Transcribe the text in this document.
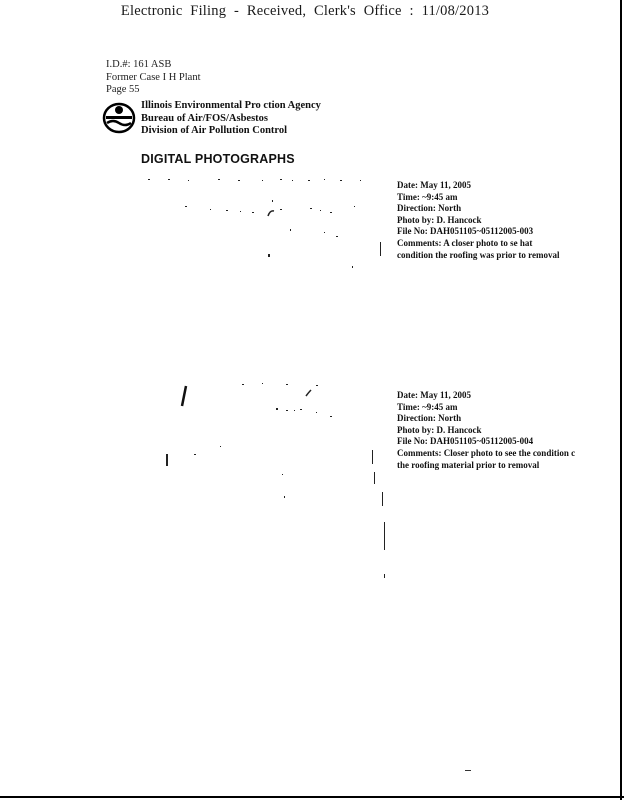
Electronic Filing - Received, Clerk's Office : 11/08/2013
I.D.#: 161 ASB
Former Case I H Plant
Page 55
Illinois Environmental Pro ction Agency
Bureau of Air/FOS/Asbestos
Division of Air Pollution Control
DIGITAL PHOTOGRAPHS
Date: May 11, 2005
Time: ~9:45 am
Direction: North
Photo by: D. Hancock
File No: DAH051105~05112005-003
Comments: A closer photo to se hat
condition the roofing was prior to removal
Date: May 11, 2005
Time: ~9:45 am
Direction: North
Photo by: D. Hancock
File No: DAH051105~05112005-004
Comments: Closer photo to see the condition c
the roofing material prior to removal
